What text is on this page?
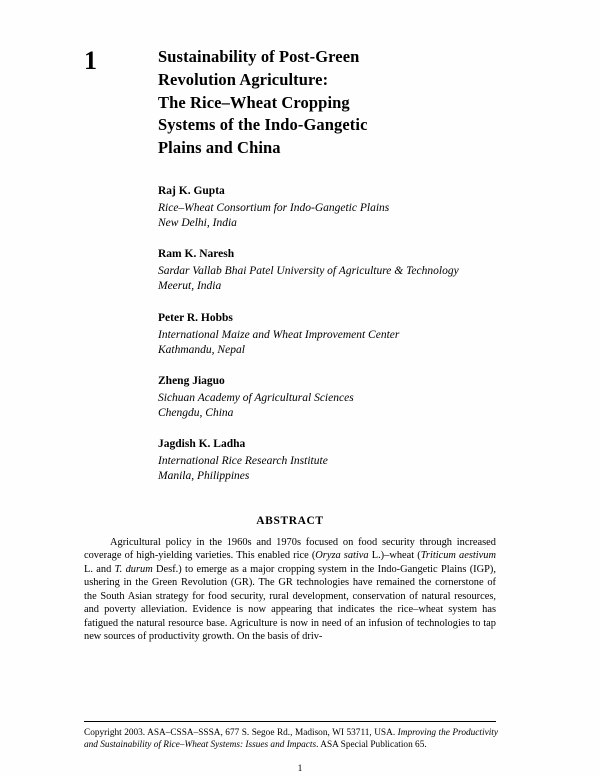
1	Sustainability of Post-Green
Revolution Agriculture:
The Rice–Wheat Cropping
Systems of the Indo-Gangetic
Plains and China
Raj K. Gupta
Rice–Wheat Consortium for Indo-Gangetic Plains
New Delhi, India
Ram K. Naresh
Sardar Vallab Bhai Patel University of Agriculture & Technology
Meerut, India
Peter R. Hobbs
International Maize and Wheat Improvement Center
Kathmandu, Nepal
Zheng Jiaguo
Sichuan Academy of Agricultural Sciences
Chengdu, China
Jagdish K. Ladha
International Rice Research Institute
Manila, Philippines
ABSTRACT
Agricultural policy in the 1960s and 1970s focused on food security through increased coverage of high-yielding varieties. This enabled rice (Oryza sativa L.)–wheat (Triticum aestivum L. and T. durum Desf.) to emerge as a major cropping system in the Indo-Gangetic Plains (IGP), ushering in the Green Revolution (GR). The GR technologies have remained the cornerstone of the South Asian strategy for food security, rural development, conservation of natural resources, and poverty alleviation. Evidence is now appearing that indicates the rice–wheat system has fatigued the natural resource base. Agriculture is now in need of an infusion of technologies to tap new sources of productivity growth. On the basis of driv-
Copyright 2003. ASA–CSSA–SSSA, 677 S. Segoe Rd., Madison, WI 53711, USA. Improving the Productivity and Sustainability of Rice–Wheat Systems: Issues and Impacts. ASA Special Publication 65.
1
